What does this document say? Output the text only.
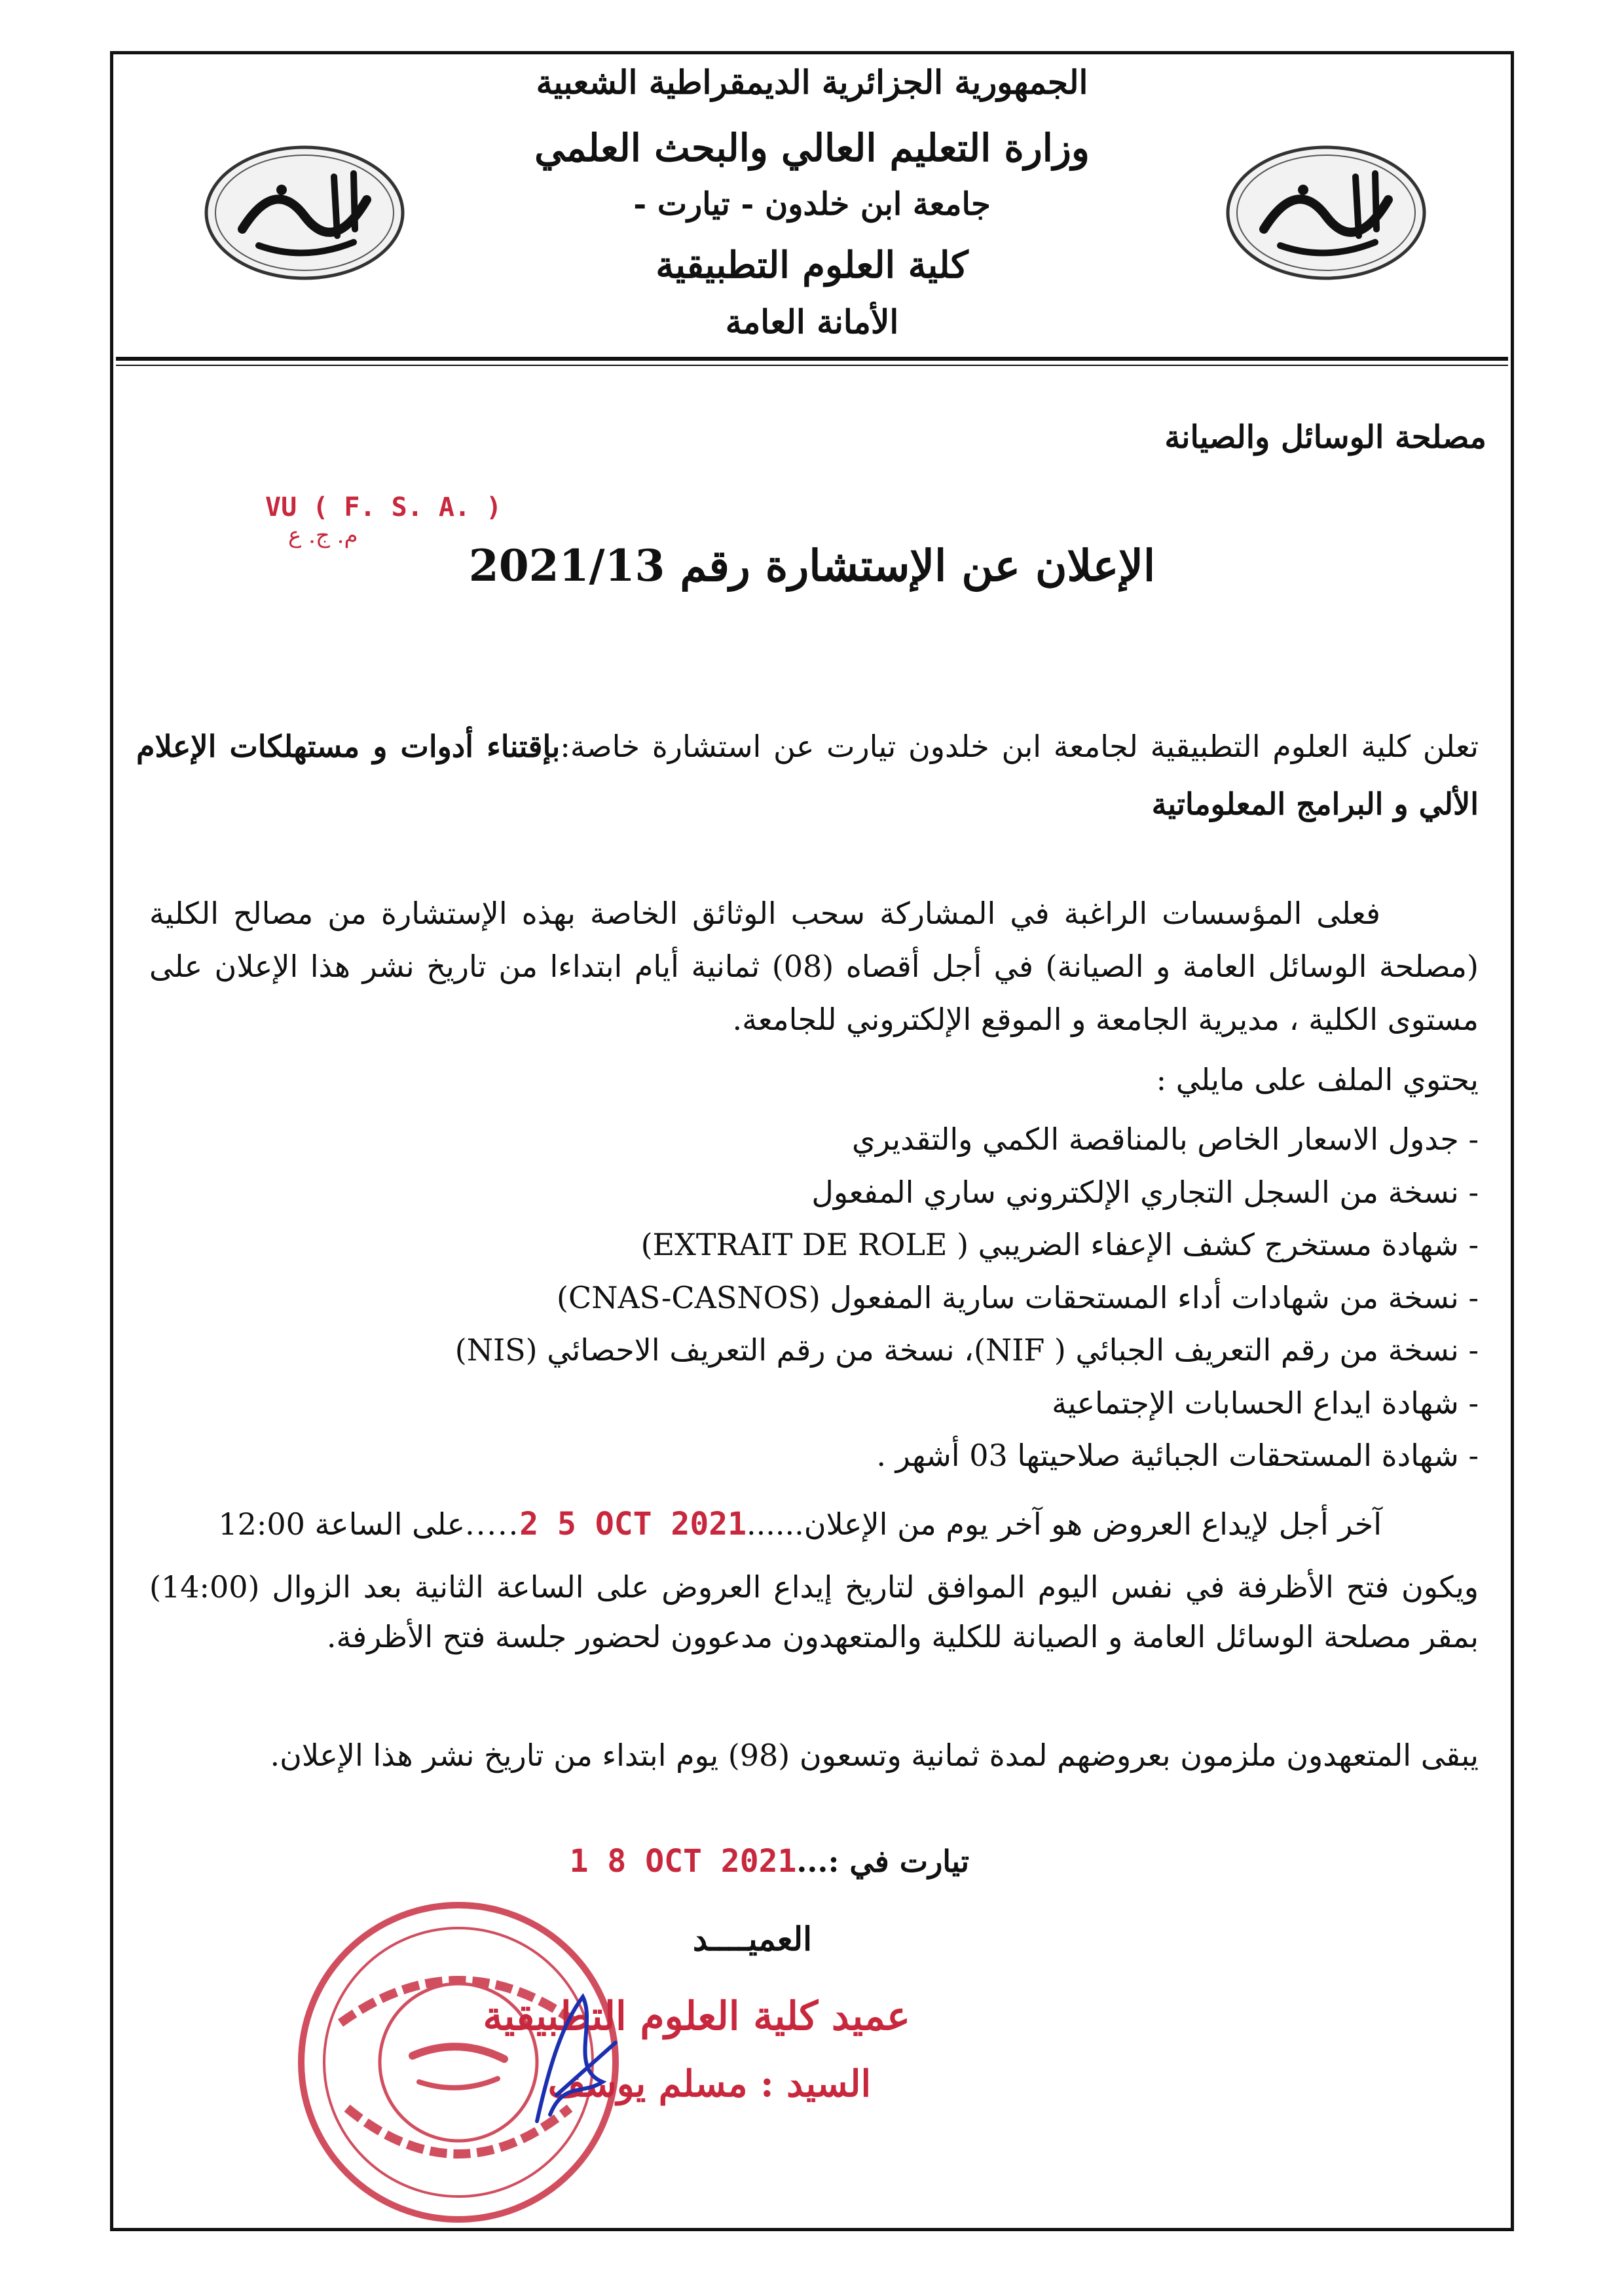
الجمهورية الجزائرية الديمقراطية الشعبية
وزارة التعليم العالي والبحث العلمي
جامعة ابن خلدون - تيارت -
كلية العلوم التطبيقية
الأمانة العامة
مصلحة الوسائل والصيانة
VU ( F. S. A. )
م. ج. ع
الإعلان عن الإستشارة رقم 2021/13
تعلن كلية العلوم التطبيقية لجامعة ابن خلدون تيارت عن استشارة خاصة:بإقتناء أدوات و مستهلكات الإعلام الألي و البرامج المعلوماتية
فعلى المؤسسات الراغبة في المشاركة سحب الوثائق الخاصة بهذه الإستشارة من مصالح الكلية (مصلحة الوسائل العامة و الصيانة) في أجل أقصاه (08) ثمانية أيام ابتداءا من تاريخ نشر هذا الإعلان على مستوى الكلية ، مديرية الجامعة و الموقع الإلكتروني للجامعة.
يحتوي الملف على مايلي :
- جدول الاسعار الخاص بالمناقصة الكمي والتقديري
- نسخة من السجل التجاري الإلكتروني ساري المفعول
- شهادة مستخرج كشف الإعفاء الضريبي ( EXTRAIT DE ROLE)
- نسخة من شهادات أداء المستحقات سارية المفعول (CNAS-CASNOS)
- نسخة من رقم التعريف الجبائي ( NIF)، نسخة من رقم التعريف الاحصائي (NIS)
- شهادة ايداع الحسابات الإجتماعية
- شهادة المستحقات الجبائية صلاحيتها 03 أشهر .
آخر أجل لإيداع العروض هو آخر يوم من الإعلان......2 5 OCT 2021.....على الساعة 12:00
ويكون فتح الأظرفة في نفس اليوم الموافق لتاريخ إيداع العروض على الساعة الثانية بعد الزوال (14:00) بمقر مصلحة الوسائل العامة و الصيانة للكلية والمتعهدون مدعوون لحضور جلسة فتح الأظرفة.
يبقى المتعهدون ملزمون بعروضهم لمدة ثمانية وتسعون (98) يوم ابتداء من تاريخ نشر هذا الإعلان.
تيارت في :...1 8 OCT 2021
العميــــد
عميد كلية العلوم التطبيقية
السيد : مسلم يوسف
